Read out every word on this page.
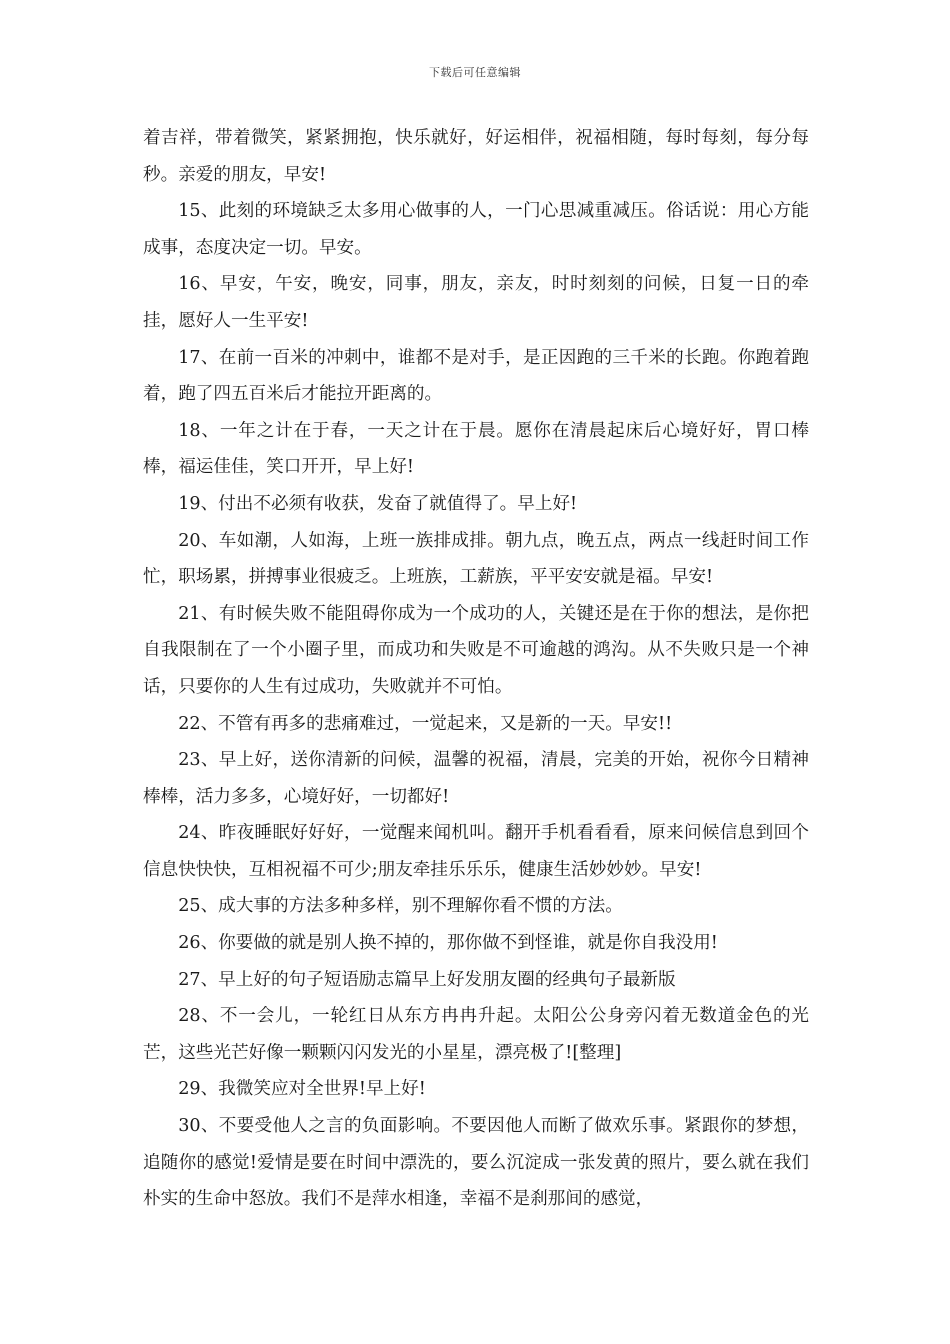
下载后可任意编辑

着吉祥，带着微笑，紧紧拥抱，快乐就好，好运相伴，祝福相随，每时每刻，每分每秒。亲爱的朋友，早安!

15、此刻的环境缺乏太多用心做事的人，一门心思减重减压。俗话说：用心方能成事，态度决定一切。早安。

16、早安，午安，晚安，同事，朋友，亲友，时时刻刻的问候，日复一日的牵挂，愿好人一生平安!

17、在前一百米的冲刺中，谁都不是对手，是正因跑的三千米的长跑。你跑着跑着，跑了四五百米后才能拉开距离的。

18、一年之计在于春，一天之计在于晨。愿你在清晨起床后心境好好，胃口棒棒，福运佳佳，笑口开开，早上好!

19、付出不必须有收获，发奋了就值得了。早上好!

20、车如潮，人如海，上班一族排成排。朝九点，晚五点，两点一线赶时间工作忙，职场累，拼搏事业很疲乏。上班族，工薪族，平平安安就是福。早安!

21、有时候失败不能阻碍你成为一个成功的人，关键还是在于你的想法，是你把自我限制在了一个小圈子里，而成功和失败是不可逾越的鸿沟。从不失败只是一个神话，只要你的人生有过成功，失败就并不可怕。

22、不管有再多的悲痛难过，一觉起来，又是新的一天。早安!!

23、早上好，送你清新的问候，温馨的祝福，清晨，完美的开始，祝你今日精神棒棒，活力多多，心境好好，一切都好!

24、昨夜睡眠好好好，一觉醒来闻机叫。翻开手机看看看，原来问候信息到回个信息快快快，互相祝福不可少;朋友牵挂乐乐乐，健康生活妙妙妙。早安!

25、成大事的方法多种多样，别不理解你看不惯的方法。

26、你要做的就是别人换不掉的，那你做不到怪谁，就是你自我没用!

27、早上好的句子短语励志篇早上好发朋友圈的经典句子最新版

28、不一会儿，一轮红日从东方冉冉升起。太阳公公身旁闪着无数道金色的光芒，这些光芒好像一颗颗闪闪发光的小星星，漂亮极了![整理]

29、我微笑应对全世界!早上好!

30、不要受他人之言的负面影响。不要因他人而断了做欢乐事。紧跟你的梦想，追随你的感觉!爱情是要在时间中漂洗的，要么沉淀成一张发黄的照片，要么就在我们朴实的生命中怒放。我们不是萍水相逢，幸福不是刹那间的感觉，
